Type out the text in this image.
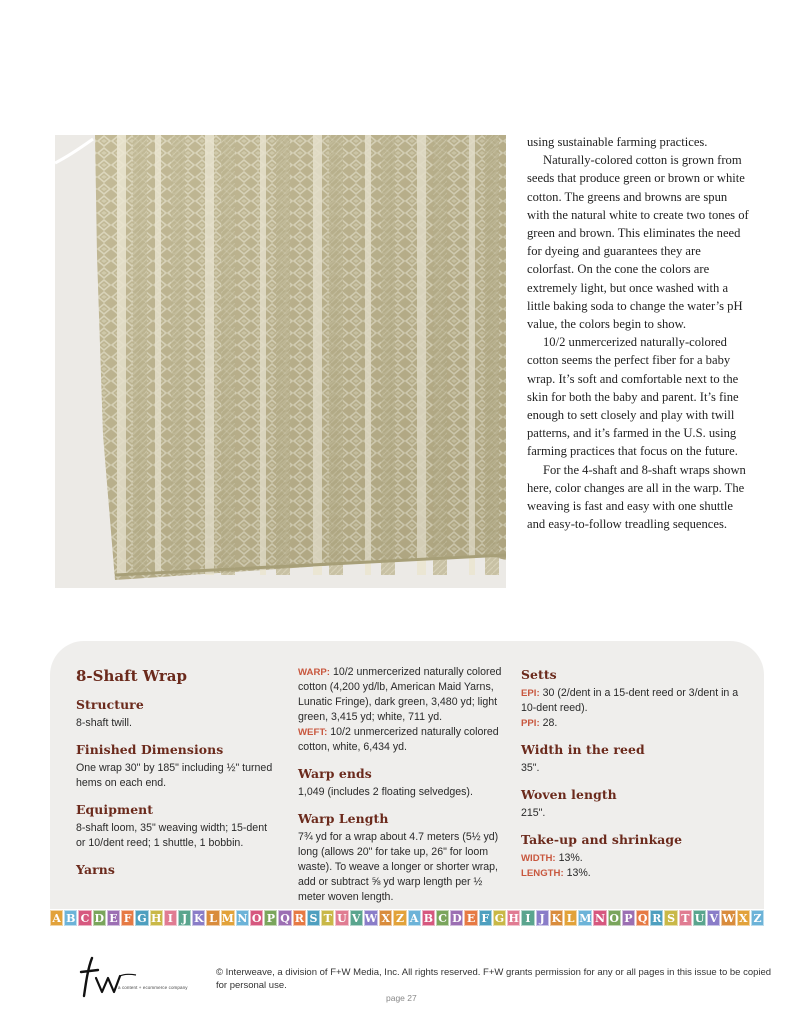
using sustainable farming practices.

Naturally-colored cotton is grown from seeds that produce green or brown or white cotton. The greens and browns are spun with the natural white to create two tones of green and brown. This eliminates the need for dyeing and guarantees they are colorfast. On the cone the colors are extremely light, but once washed with a little baking soda to change the water’s pH value, the colors begin to show.

10/2 unmercerized naturally-colored cotton seems the perfect fiber for a baby wrap. It’s soft and comfortable next to the skin for both the baby and parent. It’s fine enough to sett closely and play with twill patterns, and it’s farmed in the U.S. using farming practices that focus on the future.

For the 4-shaft and 8-shaft wraps shown here, color changes are all in the warp. The weaving is fast and easy with one shuttle and easy-to-follow treadling sequences.

8-Shaft Wrap
Structure
8-shaft twill.
Finished Dimensions
One wrap 30" by 185" including ½" turned hems on each end.
Equipment
8-shaft loom, 35" weaving width; 15-dent or 10/dent reed; 1 shuttle, 1 bobbin.
Yarns
WARP: 10/2 unmercerized naturally colored cotton (4,200 yd/lb, American Maid Yarns, Lunatic Fringe), dark green, 3,480 yd; light green, 3,415 yd; white, 711 yd.
WEFT: 10/2 unmercerized naturally colored cotton, white, 6,434 yd.
Warp ends
1,049 (includes 2 floating selvedges).
Warp Length
7¾ yd for a wrap about 4.7 meters (5½ yd) long (allows 20" for take up, 26" for loom waste). To weave a longer or shorter wrap, add or subtract ⅝ yd warp length per ½ meter woven length.
Setts
EPI: 30 (2/dent in a 15-dent reed or 3/dent in a 10-dent reed).
PPI: 28.
Width in the reed
35".
Woven length
215".
Take-up and shrinkage
WIDTH: 13%.
LENGTH: 13%.
A B C D E F G H I J K L M N O P Q R S T U V W X Z A B C D E F G H I J K L M N O P Q R S T U V W X Z
a content + ecommerce company
© Interweave, a division of F+W Media, Inc. All rights reserved. F+W grants permission for any or all pages in this issue to be copied for personal use.
page 27
